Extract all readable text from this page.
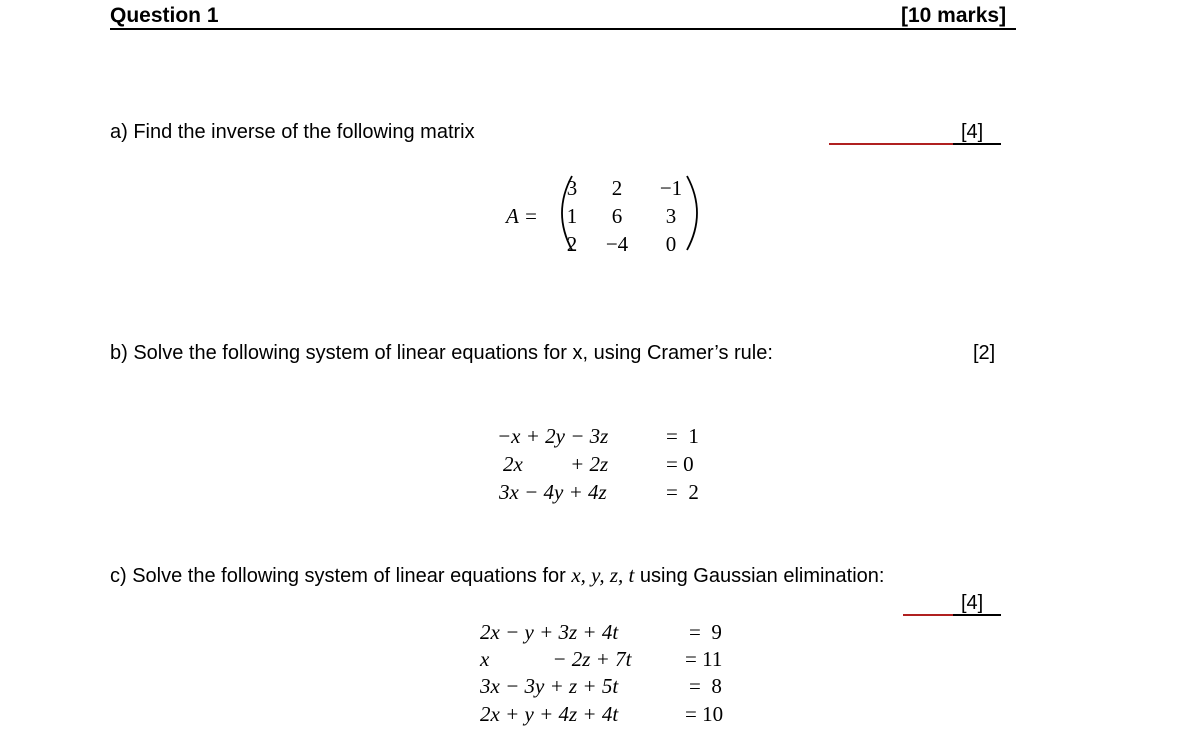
Question 1	[10 marks]
a) Find the inverse of the following matrix	[4]
A =
3	2	−1
1	6	3
2	−4	0
b) Solve the following system of linear equations for x, using Cramer’s rule:	[2]
−x + 2y − 3z	=  1
2x         + 2z	= 0
3x − 4y + 4z	=  2
c) Solve the following system of linear equations for x, y, z, t using Gaussian elimination:
[4]
2x − y + 3z + 4t	=  9
x            − 2z + 7t	= 11
3x − 3y + z + 5t	=  8
2x + y + 4z + 4t	= 10
